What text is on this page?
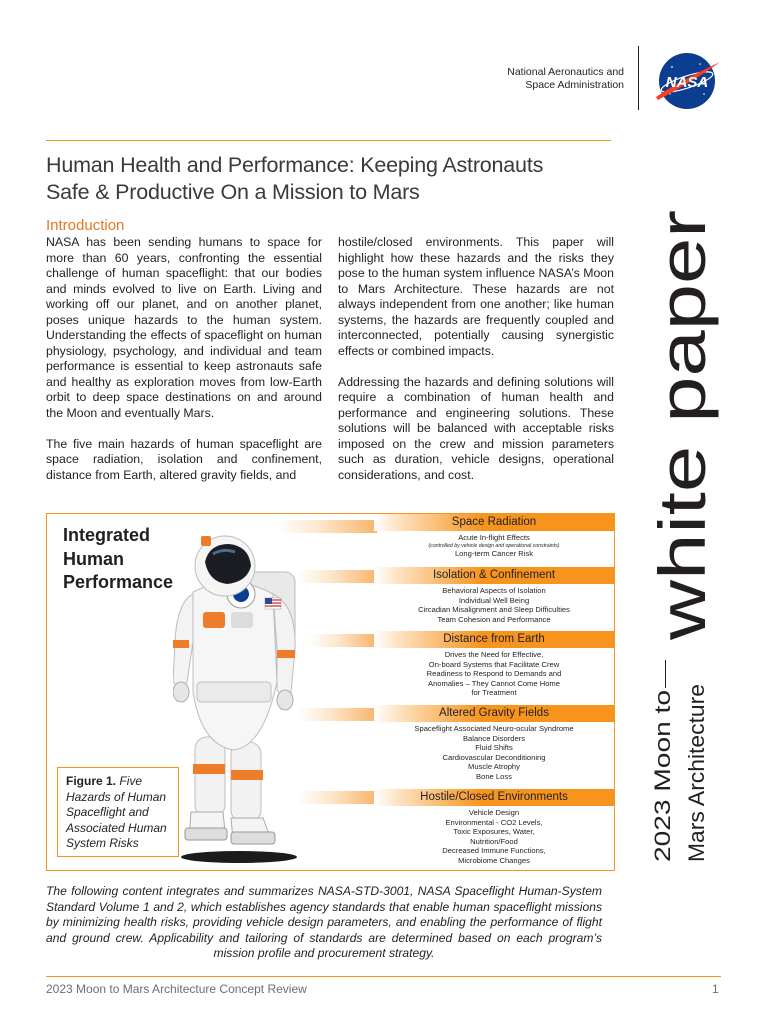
National Aeronautics and
Space Administration	NASA
Human Health and Performance: Keeping Astronauts
Safe & Productive On a Mission to Mars
Introduction

NASA has been sending humans to space for more than 60 years, confronting the essential challenge of human spaceflight: that our bodies and minds evolved to live on Earth. Living and working off our planet, and on another planet, poses unique hazards to the human system. Understanding the effects of spaceflight on human physiology, psychology, and individual and team performance is essential to keep astronauts safe and healthy as exploration moves from low-Earth orbit to deep space destinations on and around the Moon and eventually Mars.

The five main hazards of human spaceflight are space radiation, isolation and confinement, distance from Earth, altered gravity fields, and

hostile/closed environments. This paper will highlight how these hazards and the risks they pose to the human system influence NASA’s Moon to Mars Architecture. These hazards are not always independent from one another; like human systems, the hazards are frequently coupled and interconnected, potentially causing synergistic effects or combined impacts.

Addressing the hazards and defining solutions will require a combination of human health and performance and engineering solutions. These solutions will be balanced with acceptable risks imposed on the crew and mission parameters such as duration, vehicle designs, operational considerations, and cost.	white paper
2023 Moon to Mars Architecture
Integrated
Human
Performance
Space Radiation
Acute In-flight Effects
(controlled by vehicle design and operational constraints)
Long-term Cancer Risk
Isolation & Confinement
Behavioral Aspects of Isolation
Individual Well Being
Circadian Misalignment and Sleep Difficulties
Team Cohesion and Performance
Distance from Earth
Drives the Need for Effective,
On-board Systems that Facilitate Crew
Readiness to Respond to Demands and
Anomalies – They Cannot Come Home
for Treatment
Altered Gravity Fields
Spaceflight Associated Neuro-ocular Syndrome
Balance Disorders
Fluid Shifts
Cardiovascular Deconditioning
Muscle Atrophy
Bone Loss
Hostile/Closed Environments
Vehicle Design
Environmental - CO2 Levels,
Toxic Exposures, Water,
Nutrition/Food
Decreased Immune Functions,
Microbiome Changes
Figure 1. Five Hazards of Human Spaceflight and Associated Human System Risks
The following content integrates and summarizes NASA-STD-3001, NASA Spaceflight Human-System Standard Volume 1 and 2, which establishes agency standards that enable human spaceflight missions by minimizing health risks, providing vehicle design parameters, and enabling the performance of flight and ground crew. Applicability and tailoring of standards are determined based on each program’s mission profile and procurement strategy.
2023 Moon to Mars Architecture Concept Review	1
